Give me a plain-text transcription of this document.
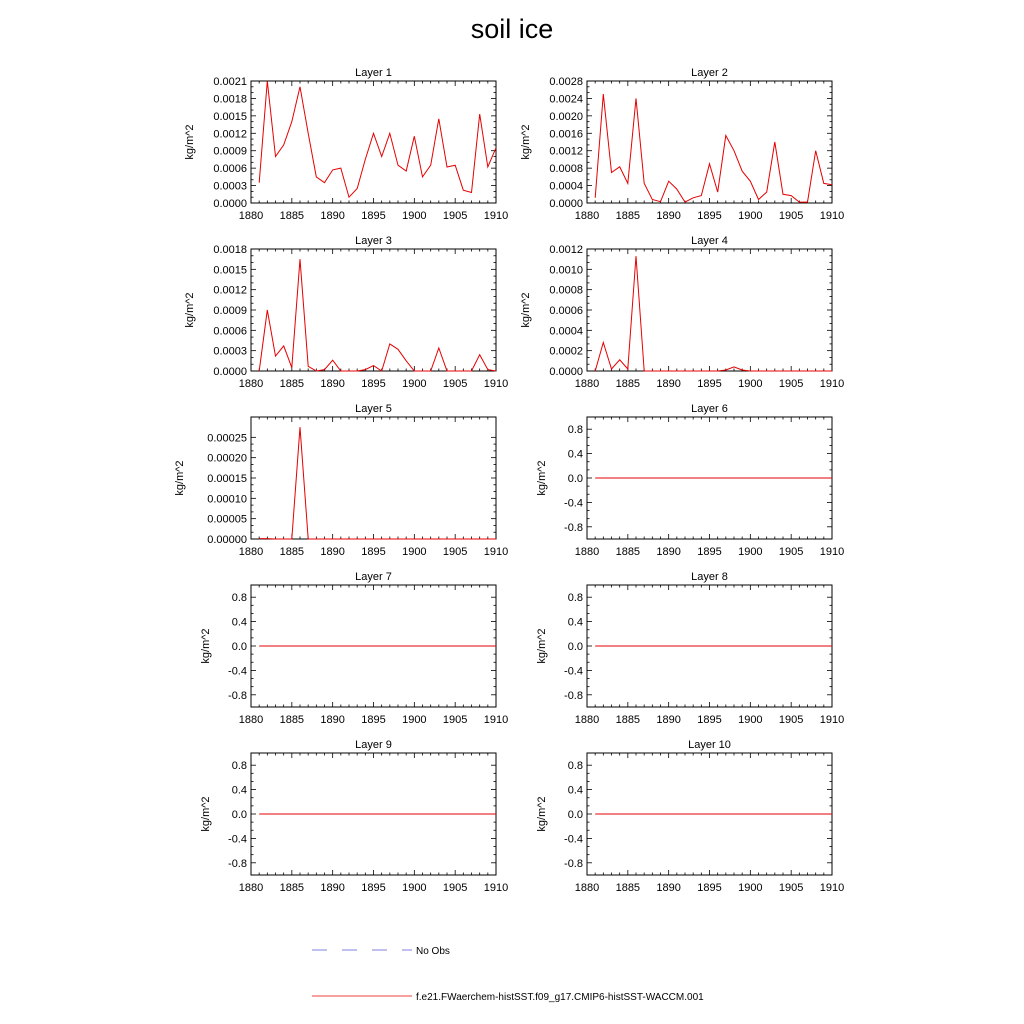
soil ice
Layer 1
1880 1885 1890 1895 1900 1905 1910
0.0000
0.0003
0.0006
0.0009
0.0012
0.0015
0.0018
0.0021
kg/m^2
Layer 2
1880 1885 1890 1895 1900 1905 1910
0.0000
0.0004
0.0008
0.0012
0.0016
0.0020
0.0024
0.0028
kg/m^2
Layer 3
1880 1885 1890 1895 1900 1905 1910
0.0000
0.0003
0.0006
0.0009
0.0012
0.0015
0.0018
kg/m^2
Layer 4
1880 1885 1890 1895 1900 1905 1910
0.0000
0.0002
0.0004
0.0006
0.0008
0.0010
0.0012
kg/m^2
Layer 5
1880 1885 1890 1895 1900 1905 1910
0.00000
0.00005
0.00010
0.00015
0.00020
0.00025
kg/m^2
Layer 6
1880 1885 1890 1895 1900 1905 1910
-0.8
-0.4
0.0
0.4
0.8
kg/m^2
Layer 7
1880 1885 1890 1895 1900 1905 1910
-0.8
-0.4
0.0
0.4
0.8
kg/m^2
Layer 8
1880 1885 1890 1895 1900 1905 1910
-0.8
-0.4
0.0
0.4
0.8
kg/m^2
Layer 9
1880 1885 1890 1895 1900 1905 1910
-0.8
-0.4
0.0
0.4
0.8
kg/m^2
Layer 10
1880 1885 1890 1895 1900 1905 1910
-0.8
-0.4
0.0
0.4
0.8
kg/m^2
No Obs
f.e21.FWaerchem-histSST.f09_g17.CMIP6-histSST-WACCM.001
